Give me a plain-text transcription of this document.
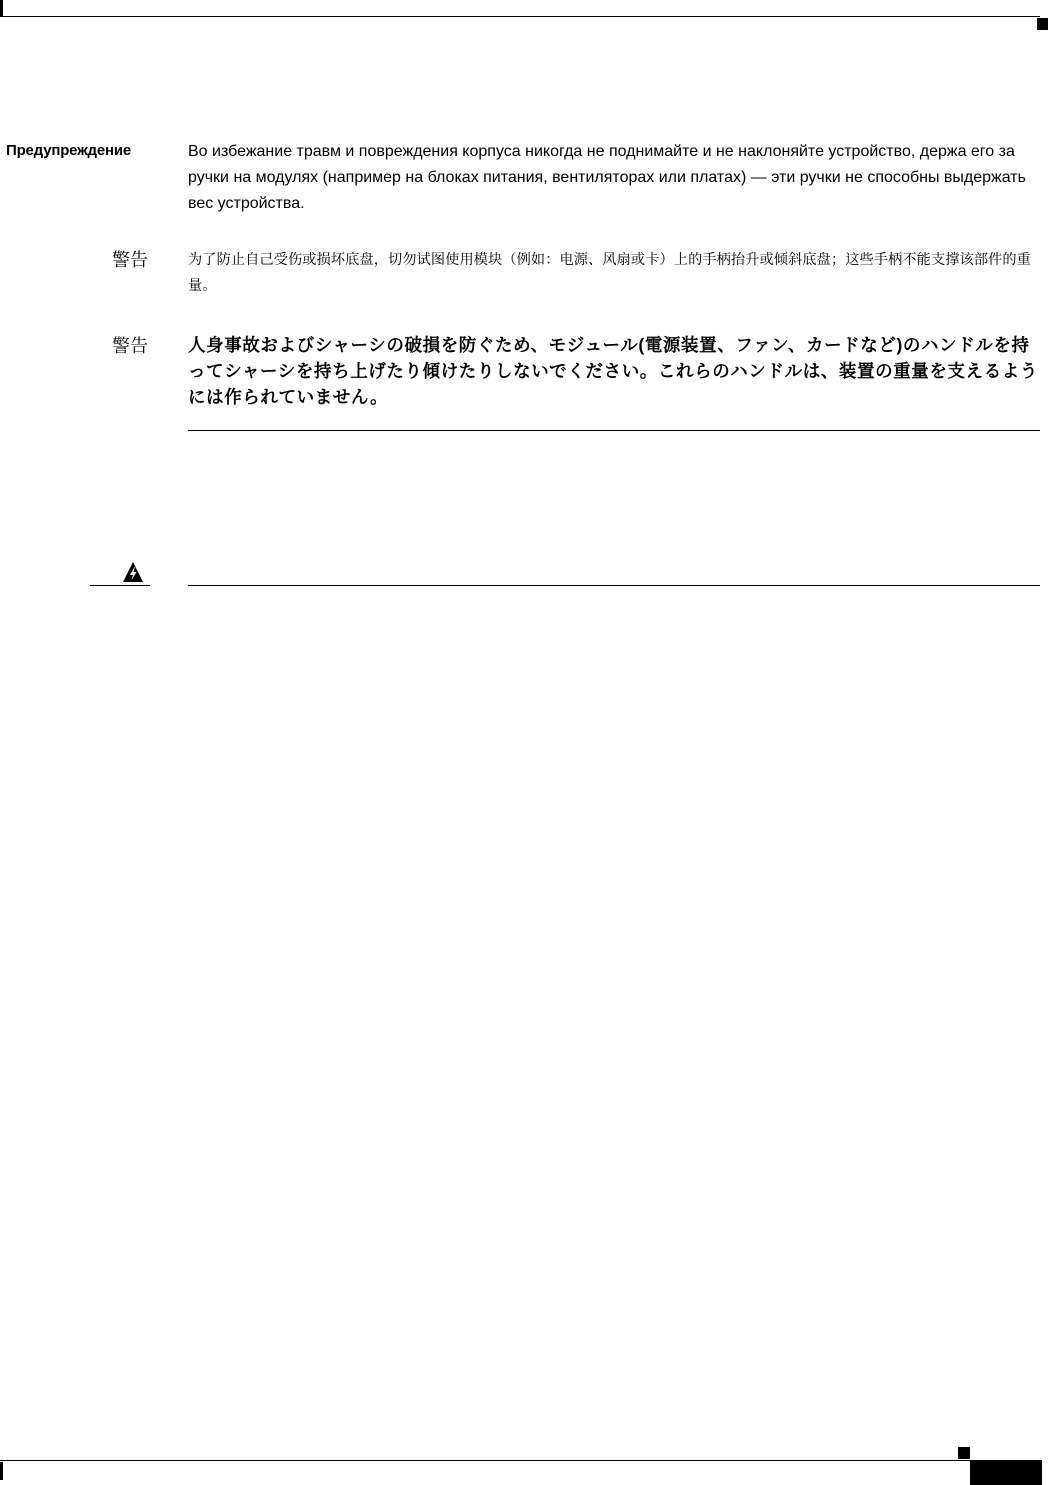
Предупреждение	Во избежание травм и повреждения корпуса никогда не поднимайте и не наклоняйте устройство, держа его за ручки на модулях (например на блоках питания, вентиляторах или платах) — эти ручки не способны выдержать вес устройства.
警告	为了防止自己受伤或损坏底盘，切勿试图使用模块（例如：电源、风扇或卡）上的手柄抬升或倾斜底盘；这些手柄不能支撑该部件的重量。
警告 人身事故およびシャーシの破損を防ぐため、モジュール(電源装置、ファン、カードなど)のハンドルを持ってシャーシを持ち上げたり傾けたりしないでください。これらのハンドルは、装置の重量を支えるようには作られていません。
